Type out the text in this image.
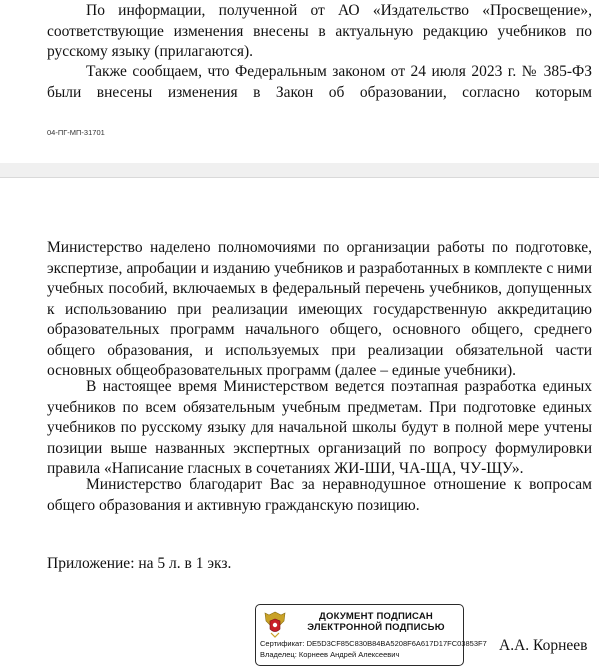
По информации, полученной от АО «Издательство «Просвещение», соответствующие изменения внесены в актуальную редакцию учебников по русскому языку (прилагаются).

Также сообщаем, что Федеральным законом от 24 июля 2023 г. № 385-ФЗ были внесены изменения в Закон об образовании, согласно которым

04-ПГ-МП-31701

Министерство наделено полномочиями по организации работы по подготовке, экспертизе, апробации и изданию учебников и разработанных в комплекте с ними учебных пособий, включаемых в федеральный перечень учебников, допущенных к использованию при реализации имеющих государственную аккредитацию образовательных программ начального общего, основного общего, среднего общего образования, и используемых при реализации обязательной части основных общеобразовательных программ (далее – единые учебники).

В настоящее время Министерством ведется поэтапная разработка единых учебников по всем обязательным учебным предметам. При подготовке единых учебников по русскому языку для начальной школы будут в полной мере учтены позиции выше названных экспертных организаций по вопросу формулировки правила «Написание гласных в сочетаниях ЖИ-ШИ, ЧА-ЩА, ЧУ-ЩУ».

Министерство благодарит Вас за неравнодушное отношение к вопросам общего образования и активную гражданскую позицию.

Приложение: на 5 л. в 1 экз.
ДОКУМЕНТ ПОДПИСАН
ЭЛЕКТРОННОЙ ПОДПИСЬЮ
Сертификат: DE5D3CF85C830B84BA5208F6A617D17FC03853F7
Владелец: Корнеев Андрей Алексеевич
А.А. Корнеев
